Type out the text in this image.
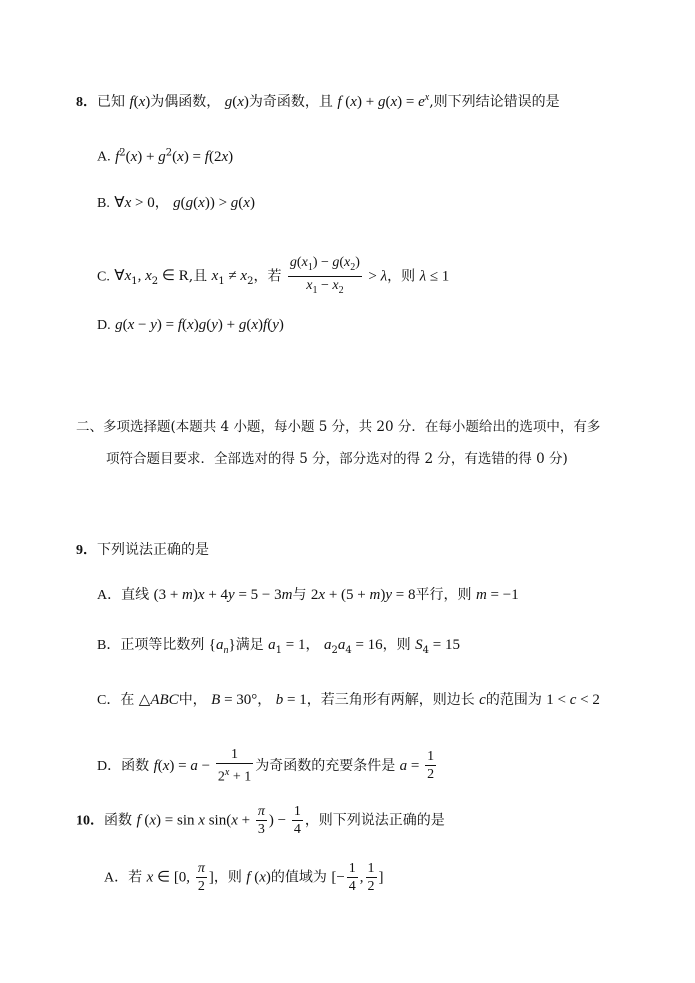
8．已知 f(x)为偶函数， g(x)为奇函数，且 f $(x) + g(x) = e^x$,则下列结论错误的是
A. $f^2(x) + g^2(x) = f(2x)$
B. ∀x > 0， g(g(x)) > g(x)
C. $\forall x_1$, $x_2$ ∈ R,且 $x_1 \ne x_2$，若 $\frac{g(x_1) - g(x_2)}{x_1 - x_2} > \lambda$，则 λ ≤ 1
D. g(x − y) = f(x)g(y) + g(x)f(y)
二、多项选择题(本题共 4 小题，每小题 5 分，共 20 分．在每小题给出的选项中，有多
项符合题目要求．全部选对的得 5 分，部分选对的得 2 分，有选错的得 0 分)
9．下列说法正确的是
A．直线 (3 + m)x + 4y = 5 − 3m与 2x + (5 + m)y = 8平行，则 m = −1
B．正项等比数列 $\{a_n\}$满足 $a_1 = 1$， $a_2a_4 = 16$，则 $S_4 = 15$
C．在 △ABC中， B = 30°， b = 1，若三角形有两解，则边长 c的范围为 1 < c < 2
D．函数 $f(x) = a - \frac{1}{2^x + 1}$ 为奇函数的充要条件是 $a = \frac{1}{2}$
10．函数 f (x) = sin x $\sin(x + \frac{\pi}{3}$ ) − $\frac{1}{4}$ ，则下列说法正确的是
A．若 x ∈ [0, $\frac{\pi}{2}$ ]，则 f (x)的值域为 [− $\frac{1}{4}$ , $\frac{1}{2}$ ]
